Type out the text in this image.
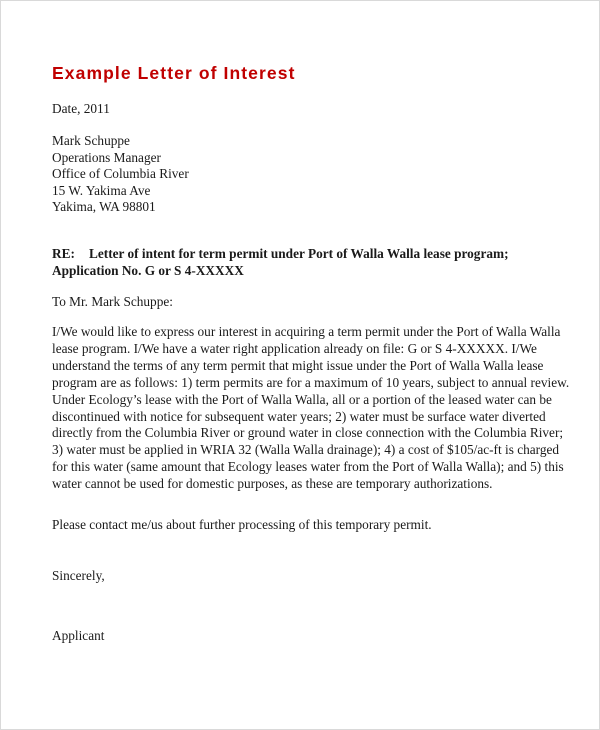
Example Letter of Interest
Date, 2011
Mark Schuppe
Operations Manager
Office of Columbia River
15 W. Yakima Ave
Yakima, WA 98801
RE: Letter of intent for term permit under Port of Walla Walla lease program;
Application No. G or S 4-XXXXX
To Mr. Mark Schuppe:
I/We would like to express our interest in acquiring a term permit under the Port of Walla Walla
lease program. I/We have a water right application already on file: G or S 4-XXXXX. I/We
understand the terms of any term permit that might issue under the Port of Walla Walla lease
program are as follows: 1) term permits are for a maximum of 10 years, subject to annual review.
Under Ecology’s lease with the Port of Walla Walla, all or a portion of the leased water can be
discontinued with notice for subsequent water years; 2) water must be surface water diverted
directly from the Columbia River or ground water in close connection with the Columbia River;
3) water must be applied in WRIA 32 (Walla Walla drainage); 4) a cost of $105/ac-ft is charged
for this water (same amount that Ecology leases water from the Port of Walla Walla); and 5) this
water cannot be used for domestic purposes, as these are temporary authorizations.
Please contact me/us about further processing of this temporary permit.
Sincerely,
Applicant
